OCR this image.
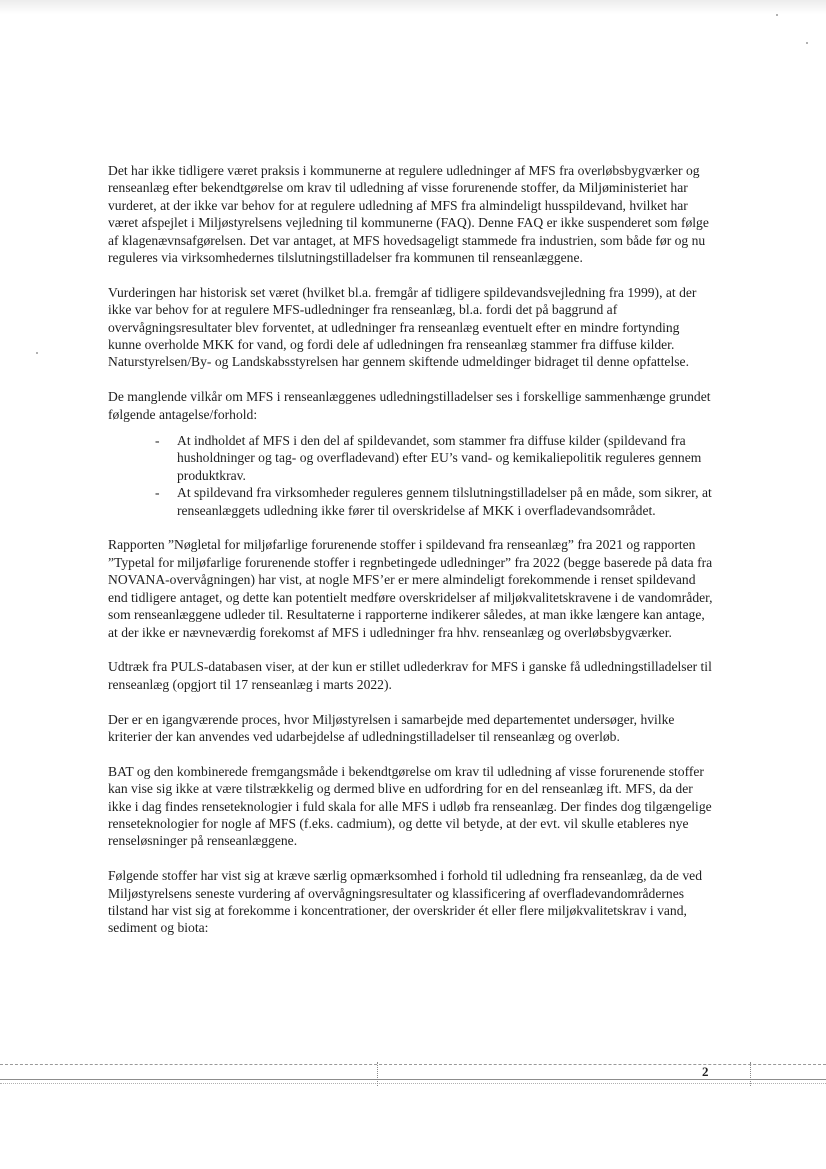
Det har ikke tidligere været praksis i kommunerne at regulere udledninger af MFS fra overløbsbygværker og renseanlæg efter bekendtgørelse om krav til udledning af visse forurenende stoffer, da Miljøministeriet har vurderet, at der ikke var behov for at regulere udledning af MFS fra almindeligt husspildevand, hvilket har været afspejlet i Miljøstyrelsens vejledning til kommunerne (FAQ). Denne FAQ er ikke suspenderet som følge af klagenævnsafgørelsen. Det var antaget, at MFS hovedsageligt stammede fra industrien, som både før og nu reguleres via virksomhedernes tilslutningstilladelser fra kommunen til renseanlæggene.

Vurderingen har historisk set været (hvilket bl.a. fremgår af tidligere spildevandsvejledning fra 1999), at der ikke var behov for at regulere MFS-udledninger fra renseanlæg, bl.a. fordi det på baggrund af overvågningsresultater blev forventet, at udledninger fra renseanlæg eventuelt efter en mindre fortynding kunne overholde MKK for vand, og fordi dele af udledningen fra renseanlæg stammer fra diffuse kilder. Naturstyrelsen/By- og Landskabsstyrelsen har gennem skiftende udmeldinger bidraget til denne opfattelse.

De manglende vilkår om MFS i renseanlæggenes udledningstilladelser ses i forskellige sammenhænge grundet følgende antagelse/forhold:

- At indholdet af MFS i den del af spildevandet, som stammer fra diffuse kilder (spildevand fra husholdninger og tag- og overfladevand) efter EU’s vand- og kemikaliepolitik reguleres gennem produktkrav.
- At spildevand fra virksomheder reguleres gennem tilslutningstilladelser på en måde, som sikrer, at renseanlæggets udledning ikke fører til overskridelse af MKK i overfladevandsområdet.

Rapporten ”Nøgletal for miljøfarlige forurenende stoffer i spildevand fra renseanlæg” fra 2021 og rapporten ”Typetal for miljøfarlige forurenende stoffer i regnbetingede udledninger” fra 2022 (begge baserede på data fra NOVANA-overvågningen) har vist, at nogle MFS’er er mere almindeligt forekommende i renset spildevand end tidligere antaget, og dette kan potentielt medføre overskridelser af miljøkvalitetskravene i de vandområder, som renseanlæggene udleder til. Resultaterne i rapporterne indikerer således, at man ikke længere kan antage, at der ikke er nævneværdig forekomst af MFS i udledninger fra hhv. renseanlæg og overløbsbygværker.

Udtræk fra PULS-databasen viser, at der kun er stillet udlederkrav for MFS i ganske få udledningstilladelser til renseanlæg (opgjort til 17 renseanlæg i marts 2022).

Der er en igangværende proces, hvor Miljøstyrelsen i samarbejde med departementet undersøger, hvilke kriterier der kan anvendes ved udarbejdelse af udledningstilladelser til renseanlæg og overløb.

BAT og den kombinerede fremgangsmåde i bekendtgørelse om krav til udledning af visse forurenende stoffer kan vise sig ikke at være tilstrækkelig og dermed blive en udfordring for en del renseanlæg ift. MFS, da der ikke i dag findes renseteknologier i fuld skala for alle MFS i udløb fra renseanlæg. Der findes dog tilgængelige renseteknologier for nogle af MFS (f.eks. cadmium), og dette vil betyde, at der evt. vil skulle etableres nye renseløsninger på renseanlæggene.

Følgende stoffer har vist sig at kræve særlig opmærksomhed i forhold til udledning fra renseanlæg, da de ved Miljøstyrelsens seneste vurdering af overvågningsresultater og klassificering af overfladevandområdernes tilstand har vist sig at forekomme i koncentrationer, der overskrider ét eller flere miljøkvalitetskrav i vand, sediment og biota:

2
